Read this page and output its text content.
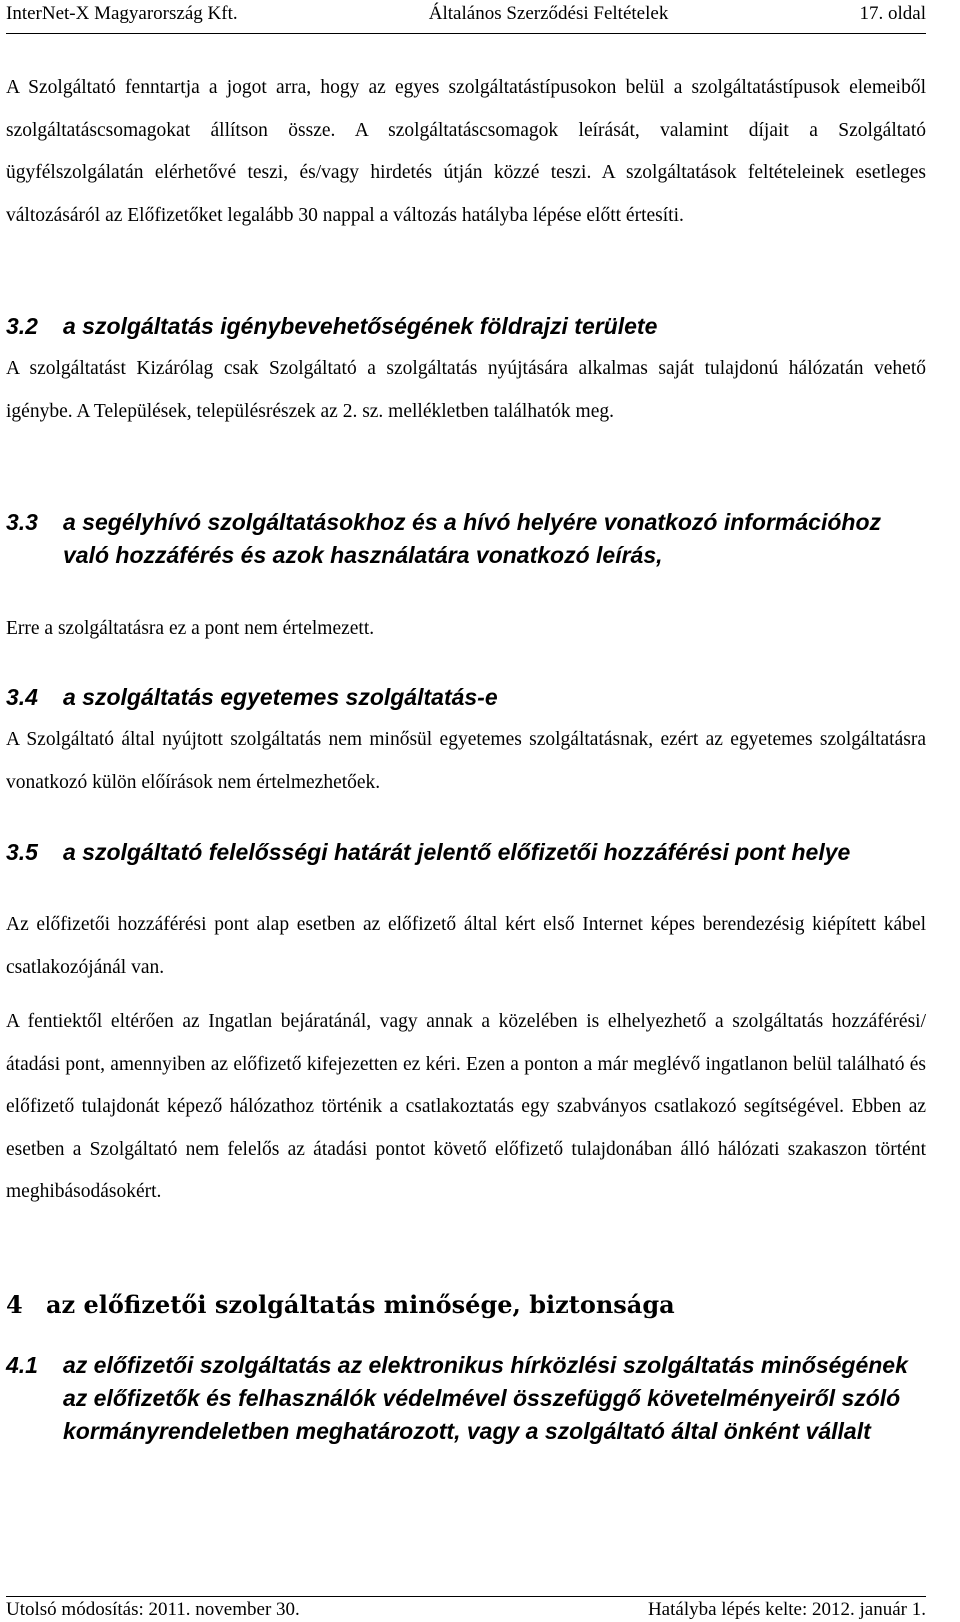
InterNet-X Magyarország Kft.	Általános Szerződési Feltételek	17. oldal

A Szolgáltató fenntartja a jogot arra, hogy az egyes szolgáltatástípusokon belül a szolgáltatástípusok elemeiből szolgáltatáscsomagokat állítson össze. A szolgáltatáscsomagok leírását, valamint díjait a Szolgáltató ügyfélszolgálatán elérhetővé teszi, és/vagy hirdetés útján közzé teszi. A szolgáltatások feltételeinek esetleges változásáról az Előfizetőket legalább 30 nappal a változás hatályba lépése előtt értesíti.

3.2	a szolgáltatás igénybevehetőségének földrajzi területe

A szolgáltatást Kizárólag csak Szolgáltató a szolgáltatás nyújtására alkalmas saját tulajdonú hálózatán vehető igénybe. A Települések, településrészek az 2. sz. mellékletben találhatók meg.

3.3	a segélyhívó szolgáltatásokhoz és a hívó helyére vonatkozó információhoz való hozzáférés és azok használatára vonatkozó leírás,

Erre a szolgáltatásra ez a pont nem értelmezett.

3.4	a szolgáltatás egyetemes szolgáltatás-e

A Szolgáltató által nyújtott szolgáltatás nem minősül egyetemes szolgáltatásnak, ezért az egyetemes szolgáltatásra vonatkozó külön előírások nem értelmezhetőek.

3.5	a szolgáltató felelősségi határát jelentő előfizetői hozzáférési pont helye

Az előfizetői hozzáférési pont alap esetben az előfizető által kért első Internet képes berendezésig kiépített kábel csatlakozójánál van.

A fentiektől eltérően az Ingatlan bejáratánál, vagy annak a közelében is elhelyezhető a szolgáltatás hozzáférési/átadási pont, amennyiben az előfizető kifejezetten ez kéri. Ezen a ponton a már meglévő ingatlanon belül található és előfizető tulajdonát képező hálózathoz történik a csatlakoztatás egy szabványos csatlakozó segítségével. Ebben az esetben a Szolgáltató nem felelős az átadási pontot követő előfizető tulajdonában álló hálózati szakaszon történt meghibásodásokért.

4 az előfizetői szolgáltatás minősége, biztonsága
4.1	az előfizetői szolgáltatás az elektronikus hírközlési szolgáltatás minőségének az előfizetők és felhasználók védelmével összefüggő követelményeiről szóló kormányrendeletben meghatározott, vagy a szolgáltató által önként vállalt
Utolsó módosítás: 2011. november 30.	Hatályba lépés kelte: 2012. január 1.
